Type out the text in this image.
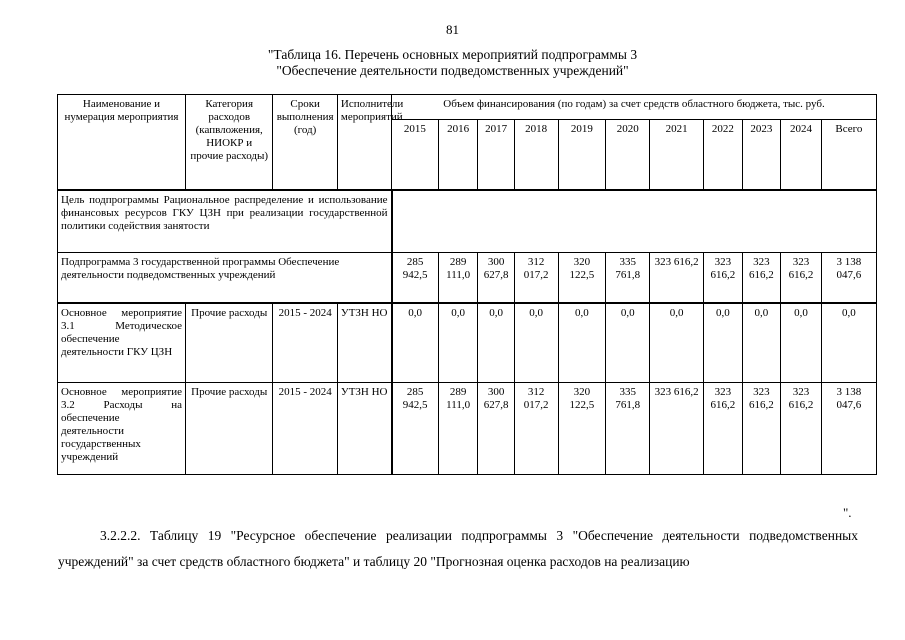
81
"Таблица 16. Перечень основных мероприятий подпрограммы 3
"Обеспечение деятельности подведомственных учреждений"
Наименование и нумерация мероприятия	Категория расходов (капвложения, НИОКР и прочие расходы)	Сроки выполнения (год)	Исполнители мероприятий	Объем финансирования (по годам) за счет средств областного бюджета, тыс. руб.										
				2015	2016	2017	2018	2019	2020	2021	2022	2023	2024	Всего
Цель подпрограммы Рациональное распределение и использование финансовых ресурсов ГКУ ЦЗН при реализации государственной политики содействия занятости														
Подпрограмма 3 государственной программы Обеспечение деятельности подведомственных учреждений				285 942,5	289 111,0	300 627,8	312 017,2	320 122,5	335 761,8	323 616,2	323 616,2	323 616,2	323 616,2	3 138 047,6
Основное мероприятие 3.1 Методическое обеспечение деятельности ГКУ ЦЗН	Прочие расходы	2015 - 2024	УТЗН НО	0,0	0,0	0,0	0,0	0,0	0,0	0,0	0,0	0,0	0,0	0,0
Основное мероприятие 3.2 Расходы на обеспечение деятельности государственных учреждений	Прочие расходы	2015 - 2024	УТЗН НО	285 942,5	289 111,0	300 627,8	312 017,2	320 122,5	335 761,8	323 616,2	323 616,2	323 616,2	323 616,2	3 138 047,6
".
3.2.2.2. Таблицу 19 "Ресурсное обеспечение реализации подпрограммы 3 "Обеспечение деятельности подведомственных учреждений" за счет средств областного бюджета" и таблицу 20 "Прогнозная оценка расходов на реализацию
